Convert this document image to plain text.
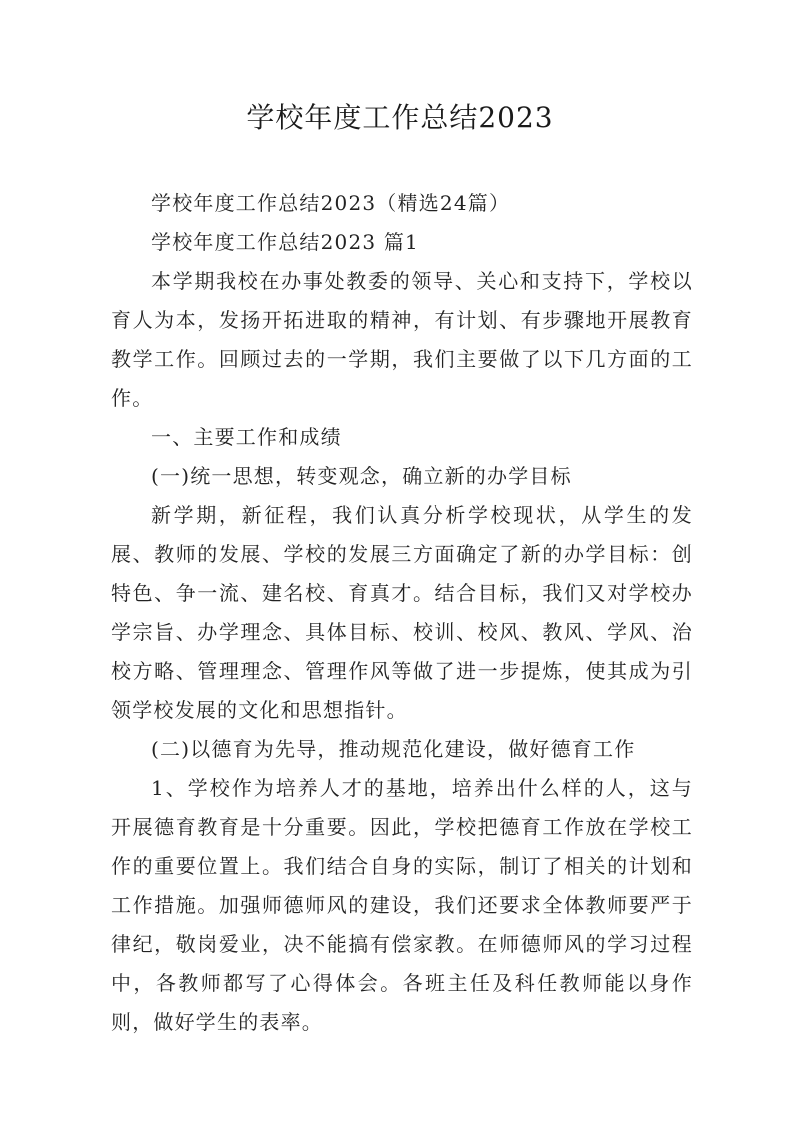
学校年度工作总结2023

学校年度工作总结2023（精选24篇）

学校年度工作总结2023 篇1

本学期我校在办事处教委的领导、关心和支持下，学校以育人为本，发扬开拓进取的精神，有计划、有步骤地开展教育教学工作。回顾过去的一学期，我们主要做了以下几方面的工作。

一、主要工作和成绩

(一)统一思想，转变观念，确立新的办学目标

新学期，新征程，我们认真分析学校现状，从学生的发展、教师的发展、学校的发展三方面确定了新的办学目标：创特色、争一流、建名校、育真才。结合目标，我们又对学校办学宗旨、办学理念、具体目标、校训、校风、教风、学风、治校方略、管理理念、管理作风等做了进一步提炼，使其成为引领学校发展的文化和思想指针。

(二)以德育为先导，推动规范化建设，做好德育工作

1、学校作为培养人才的基地，培养出什么样的人，这与开展德育教育是十分重要。因此，学校把德育工作放在学校工作的重要位置上。我们结合自身的实际，制订了相关的计划和工作措施。加强师德师风的建设，我们还要求全体教师要严于律纪，敬岗爱业，决不能搞有偿家教。在师德师风的学习过程中，各教师都写了心得体会。各班主任及科任教师能以身作则，做好学生的表率。
